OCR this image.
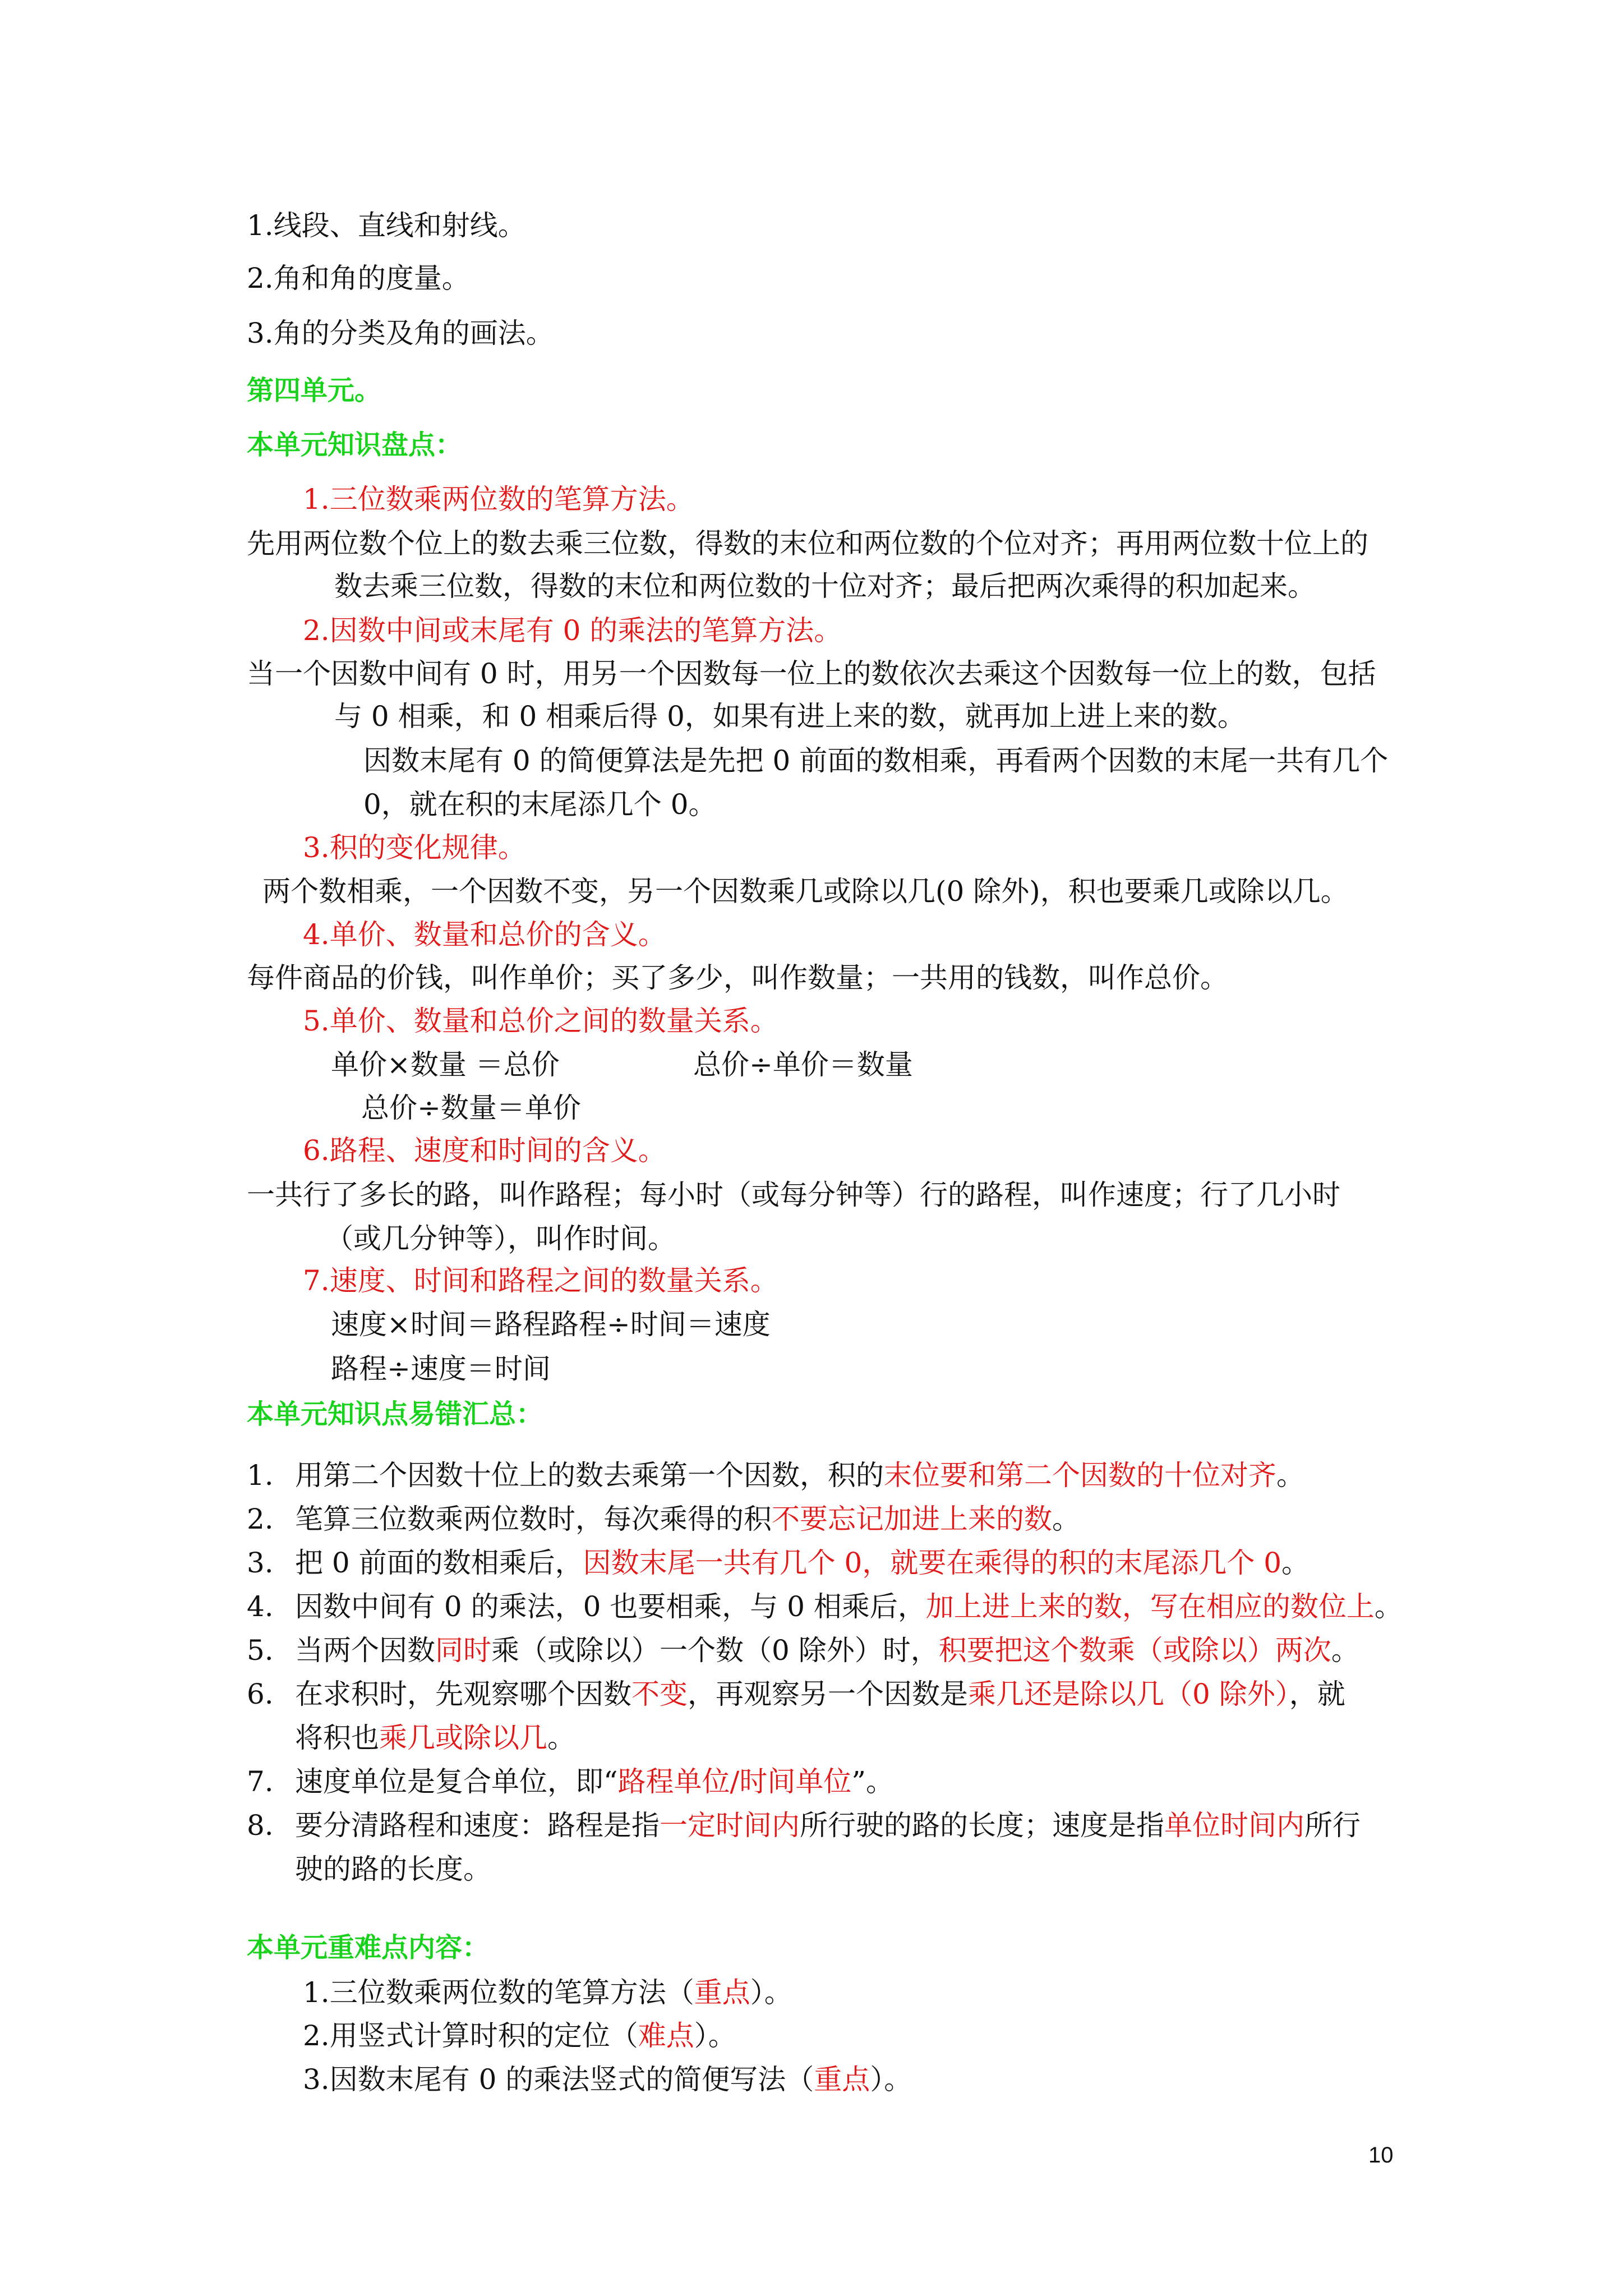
1.线段、直线和射线。
2.角和角的度量。
3.角的分类及角的画法。
第四单元。
本单元知识盘点：
1.三位数乘两位数的笔算方法。
先用两位数个位上的数去乘三位数，得数的末位和两位数的个位对齐；再用两位数十位上的
数去乘三位数，得数的末位和两位数的十位对齐；最后把两次乘得的积加起来。
2.因数中间或末尾有 0 的乘法的笔算方法。
当一个因数中间有 0 时，用另一个因数每一位上的数依次去乘这个因数每一位上的数，包括
与 0 相乘，和 0 相乘后得 0，如果有进上来的数，就再加上进上来的数。
因数末尾有 0 的简便算法是先把 0 前面的数相乘，再看两个因数的末尾一共有几个
0，就在积的末尾添几个 0。
3.积的变化规律。
两个数相乘，一个因数不变，另一个因数乘几或除以几(0 除外)，积也要乘几或除以几。
4.单价、数量和总价的含义。
每件商品的价钱，叫作单价；买了多少，叫作数量；一共用的钱数，叫作总价。
5.单价、数量和总价之间的数量关系。
单价×数量 ＝总价	总价÷单价＝数量
总价÷数量＝单价
6.路程、速度和时间的含义。
一共行了多长的路，叫作路程；每小时（或每分钟等）行的路程，叫作速度；行了几小时
（或几分钟等），叫作时间。
7.速度、时间和路程之间的数量关系。
速度×时间＝路程路程÷时间＝速度
路程÷速度＝时间
本单元知识点易错汇总：
1. 用第二个因数十位上的数去乘第一个因数，积的末位要和第二个因数的十位对齐。
2. 笔算三位数乘两位数时，每次乘得的积不要忘记加进上来的数。
3. 把 0 前面的数相乘后，因数末尾一共有几个 0，就要在乘得的积的末尾添几个 0。
4. 因数中间有 0 的乘法，0 也要相乘，与 0 相乘后，加上进上来的数，写在相应的数位上。
5. 当两个因数同时乘（或除以）一个数（0 除外）时，积要把这个数乘（或除以）两次。
6. 在求积时，先观察哪个因数不变，再观察另一个因数是乘几还是除以几（0 除外），就
将积也乘几或除以几。
7. 速度单位是复合单位，即“路程单位/时间单位”。
8. 要分清路程和速度：路程是指一定时间内所行驶的路的长度；速度是指单位时间内所行
驶的路的长度。
本单元重难点内容：
1.三位数乘两位数的笔算方法（重点）。
2.用竖式计算时积的定位（难点）。
3.因数末尾有 0 的乘法竖式的简便写法（重点）。
10
